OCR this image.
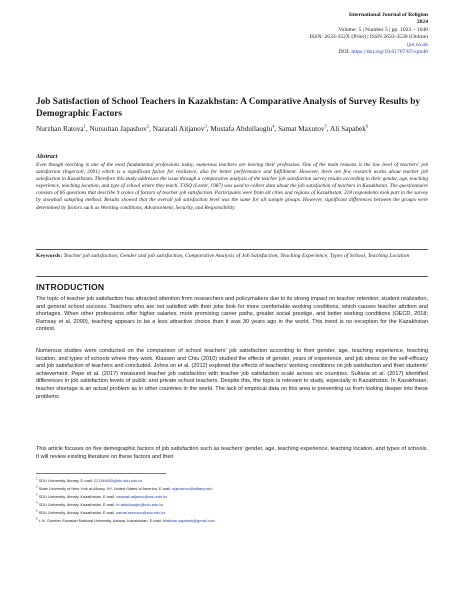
International Journal of Religion
2024
Volume: 5 | Number 5 | pp. 1023 – 1040
ISSN: 2633-352X (Print) | ISSN 2633-3538 (Online)
ijor.co.uk
DOI: https://doi.org/10.61707/07cqrn46
Job Satisfaction of School Teachers in Kazakhstan: A Comparative Analysis of Survey Results by Demographic Factors
Nurzhan Ratova$^1$, Nursultan Japashov$^2$, Nazarali Aitjanov$^3$, Mustafa Abdullaoglu$^4$, Samat Maxutov$^5$, Ali Sapabek$^6$
Abstract
Even though teaching is one of the most fundamental professions today, numerous teachers are leaving their profession. One of the main reasons is the low level of teachers' job satisfaction (Ingersoll, 2001) which is a significant factor for resilience, also for better performance and fulfillment. However, there are few research works about teacher job satisfaction in Kazakhstan. Therefore this study addresses the issue through a comparative analysis of the teacher job satisfaction survey results according to their gender, age, teaching experience, teaching location, and type of school where they teach. TJSQ (Lester, 1987) was used to collect data about the job satisfaction of teachers in Kazakhstan. The questionnaire consists of 66 questions that describe 9 scales of factors of teacher job satisfaction. Participants were from all cities and regions of Kazakhstan. 318 respondents took part in the survey by snowball sampling method. Results showed that the overall job satisfaction level was the same for all sample groups. However, significant differences between the groups were determined by factors such as Working conditions, Advancement, Security, and Responsibility.
Keywords: Teacher job satisfaction, Gender and job satisfaction, Comparative Analysis of Job Satisfaction, Teaching Experience, Types of School, Teaching Location
INTRODUCTION
The topic of teacher job satisfaction has attracted attention from researchers and policymakers due to its strong impact on teacher retention, student realization, and general school success. Teachers who are not satisfied with their jobs look for more comfortable working conditions, which causes teacher attrition and shortages. When other professions offer higher salaries, more promising career paths, greater social prestige, and better working conditions (OECD, 2018; Ramsay et al, 2000), teaching appears to be a less attractive choice than it was 30 years ago in the world. This trend is no exception for the Kazakhstan context.
Numerous studies were conducted on the comparison of school teachers' job satisfaction according to their gender, age, teaching experience, teaching location, and types of schools where they work. Klassen and Chiu (2010) studied the effects of gender, years of experience, and job stress on the self-efficacy and job satisfaction of teachers and concluded. Johns on et al. (2012) explored the effects of teachers' working conditions on job satisfaction and their students' achievement. Pepe et al. (2017) measured teacher job satisfaction with teacher job satisfaction scale across six countries. Sultana et al. (2017) identified differences in job satisfaction levels of public and private school teachers. Despite this, the topic is relevant to study, especially in Kazakhstan. In Kazakhstan, teacher shortage is an actual problem as in other countries in the world. The lack of empirical data on this area is preventing us from looking deeper into these problems.
This article focuses on five demographic factors of job satisfaction such as teachers' gender, age, teaching experience, teaching location, and types of schools. It will review existing literature on these factors and their
$^1$ SDU University, Almaty, E-mail: 221346005@stu.sdu.edu.kz
$^2$ State University of New York at Albany, NY, United States of America, E-mail: njapashov@albany.edu
$^3$ SDU University, Almaty, Kazakhstan, E-mail: nazarali.aitjanov@sdu.edu.kz
$^4$ SDU University, Almaty, Kazakhstan, E-mail: m.abdullaoglu@sdu.edu.kz
$^5$ SDU University, Almaty, Kazakhstan, E-mail: samat.maxutov@sdu.edu.kz
$^6$ L.N. Gumilev Eurasian National University, Astana, Kazakhstan, E-mail: aliakhan.sapabek@gmail.com
